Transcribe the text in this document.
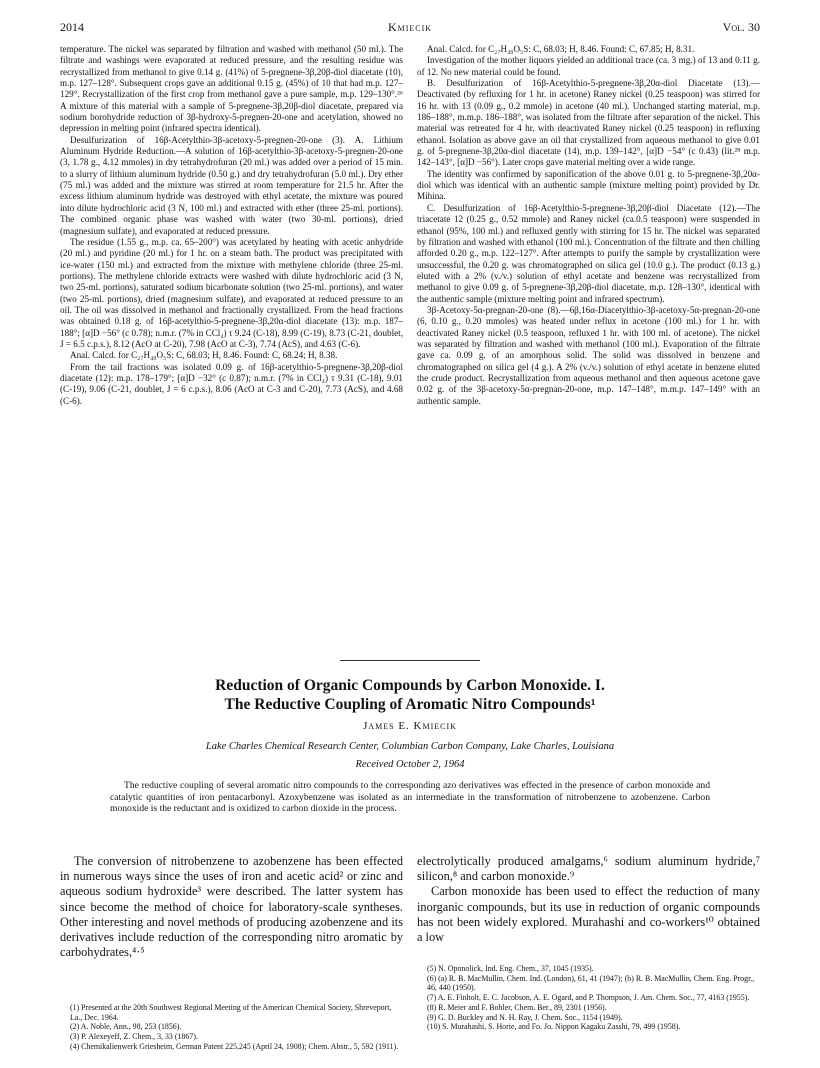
2014	Kmiecik	Vol. 30

temperature. The nickel was separated by filtration and washed with methanol (50 ml.). The filtrate and washings were evaporated at reduced pressure, and the resulting residue was recrystallized from methanol to give 0.14 g. (41%) of 5-pregnene-3β,20β-diol diacetate (10), m.p. 127–128°. Subsequent crops gave an additional 0.15 g. (45%) of 10 that had m.p. 127–129°. Recrystallization of the first crop from methanol gave a pure sample, m.p. 129–130°.²⁶ A mixture of this material with a sample of 5-pregnene-3β,20β-diol diacetate, prepared via sodium borohydride reduction of 3β-hydroxy-5-pregnen-20-one and acetylation, showed no depression in melting point (infrared spectra identical).

Desulfurization of 16β-Acetylthio-3β-acetoxy-5-pregnen-20-one (3). A. Lithium Aluminum Hydride Reduction.—A solution of 16β-acetylthio-3β-acetoxy-5-pregnen-20-one (3, 1.78 g., 4.12 mmoles) in dry tetrahydrofuran (20 ml.) was added over a period of 15 min. to a slurry of lithium aluminum hydride (0.50 g.) and dry tetrahydrofuran (5.0 ml.). Dry ether (75 ml.) was added and the mixture was stirred at room temperature for 21.5 hr. After the excess lithium aluminum hydride was destroyed with ethyl acetate, the mixture was poured into dilute hydrochloric acid (3 N, 100 ml.) and extracted with ether (three 25-ml. portions). The combined organic phase was washed with water (two 30-ml. portions), dried (magnesium sulfate), and evaporated at reduced pressure.

The residue (1.55 g., m.p. ca. 65–200°) was acetylated by heating with acetic anhydride (20 ml.) and pyridine (20 ml.) for 1 hr. on a steam bath. The product was precipitated with ice-water (150 ml.) and extracted from the mixture with methylene chloride (three 25-ml. portions). The methylene chloride extracts were washed with dilute hydrochloric acid (3 N, two 25-ml. portions), saturated sodium bicarbonate solution (two 25-ml. portions), and water (two 25-ml. portions), dried (magnesium sulfate), and evaporated at reduced pressure to an oil. The oil was dissolved in methanol and fractionally crystallized. From the head fractions was obtained 0.18 g. of 16β-acetylthio-5-pregnene-3β,20α-diol diacetate (13): m.p. 187–188°; [α]D −56° (c 0.78); n.m.r. (7% in CCl₄) τ 9.24 (C-18), 8.99 (C-19), 8.73 (C-21, doublet, J = 6.5 c.p.s.), 8.12 (AcO at C-20), 7.98 (AcO at C-3), 7.74 (AcS), and 4.63 (C-6).

Anal. Calcd. for C₂₇H₄₀O₅S: C, 68.03; H, 8.46. Found: C, 68.24; H, 8.38.

From the tail fractions was isolated 0.09 g. of 16β-acetylthio-5-pregnene-3β,20β-diol diacetate (12): m.p. 178–179°; [α]D −32° (c 0.87); n.m.r. (7% in CCl₄) τ 9.31 (C-18), 9.01 (C-19), 9.06 (C-21, doublet, J = 6 c.p.s.), 8.06 (AcO at C-3 and C-20), 7.73 (AcS), and 4.68 (C-6).

Anal. Calcd. for C₂₇H₄₀O₅S: C, 68.03; H, 8.46. Found: C, 67.85; H, 8.31.

Investigation of the mother liquors yielded an additional trace (ca. 3 mg.) of 13 and 0.11 g. of 12. No new material could be found.

B. Desulfurization of 16β-Acetylthio-5-pregnene-3β,20α-diol Diacetate (13).—Deactivated (by refluxing for 1 hr. in acetone) Raney nickel (0.25 teaspoon) was stirred for 16 hr. with 13 (0.09 g., 0.2 mmole) in acetone (40 ml.). Unchanged starting material, m.p. 186–188°, m.m.p. 186–188°, was isolated from the filtrate after separation of the nickel. This material was retreated for 4 hr. with deactivated Raney nickel (0.25 teaspoon) in refluxing ethanol. Isolation as above gave an oil that crystallized from aqueous methanol to give 0.01 g. of 5-pregnene-3β,20α-diol diacetate (14), m.p. 139–142°, [α]D −54° (c 0.43) (lit.²⁸ m.p. 142–143°, [α]D −56°). Later crops gave material melting over a wide range.

The identity was confirmed by saponification of the above 0.01 g. to 5-pregnene-3β,20α-diol which was identical with an authentic sample (mixture melting point) provided by Dr. Mihina.

C. Desulfurization of 16β-Acetylthio-5-pregnene-3β,20β-diol Diacetate (12).—The triacetate 12 (0.25 g., 0.52 mmole) and Raney nickel (ca.0.5 teaspoon) were suspended in ethanol (95%, 100 ml.) and refluxed gently with stirring for 15 hr. The nickel was separated by filtration and washed with ethanol (100 ml.). Concentration of the filtrate and then chilling afforded 0.20 g., m.p. 122–127°. After attempts to purify the sample by crystallization were unsuccessful, the 0.20 g. was chromatographed on silica gel (10.0 g.). The product (0.13 g.) eluted with a 2% (v./v.) solution of ethyl acetate and benzene was recrystallized from methanol to give 0.09 g. of 5-pregnene-3β,20β-diol diacetate, m.p. 128–130°, identical with the authentic sample (mixture melting point and infrared spectrum).

3β-Acetoxy-5α-pregnan-20-one (8).—6β,16α-Diacetylthio-3β-acetoxy-5α-pregnan-20-one (6, 0.10 g., 0.20 mmoles) was heated under reflux in acetone (100 ml.) for 1 hr. with deactivated Raney nickel (0.5 teaspoon, refluxed 1 hr. with 100 ml. of acetone). The nickel was separated by filtration and washed with methanol (100 ml.). Evaporation of the filtrate gave ca. 0.09 g. of an amorphous solid. The solid was dissolved in benzene and chromatographed on silica gel (4 g.). A 2% (v./v.) solution of ethyl acetate in benzene eluted the crude product. Recrystallization from aqueous methanol and then aqueous acetone gave 0.02 g. of the 3β-acetoxy-5α-pregnan-20-one, m.p. 147–148°, m.m.p. 147–149° with an authentic sample.

Reduction of Organic Compounds by Carbon Monoxide. I.
The Reductive Coupling of Aromatic Nitro Compounds¹
James E. Kmiecik
Lake Charles Chemical Research Center, Columbian Carbon Company, Lake Charles, Louisiana
Received October 2, 1964
The reductive coupling of several aromatic nitro compounds to the corresponding azo derivatives was effected in the presence of carbon monoxide and catalytic quantities of iron pentacarbonyl. Azoxybenzene was isolated as an intermediate in the transformation of nitrobenzene to azobenzene. Carbon monoxide is the reductant and is oxidized to carbon dioxide in the process.

The conversion of nitrobenzene to azobenzene has been effected in numerous ways since the uses of iron and acetic acid² or zinc and aqueous sodium hydroxide³ were described. The latter system has since become the method of choice for laboratory-scale syntheses. Other interesting and novel methods of producing azobenzene and its derivatives include reduction of the corresponding nitro aromatic by carbohydrates,⁴·⁵

electrolytically produced amalgams,⁶ sodium aluminum hydride,⁷ silicon,⁸ and carbon monoxide.⁹

Carbon monoxide has been used to effect the reduction of many inorganic compounds, but its use in reduction of organic compounds has not been widely explored. Murahashi and co-workers¹⁰ obtained a low

(1) Presented at the 20th Southwest Regional Meeting of the American Chemical Society, Shreveport, La., Dec. 1964.
(2) A. Noble, Ann., 98, 253 (1856).
(3) P. Alexeyeff, Z. Chem., 3, 33 (1867).
(4) Chemikalienwerk Griesheim, German Patent 225,245 (April 24, 1908); Chem. Abstr., 5, 592 (1911).
(5) N. Oponolick, Ind. Eng. Chem., 37, 1045 (1935).
(6) (a) R. B. MacMullin, Chem. Ind. (London), 61, 41 (1947); (b) R. B. MacMullin, Chem. Eng. Progr., 46, 440 (1950).
(7) A. E. Finholt, E. C. Jacobson, A. E. Ogard, and P. Thompson, J. Am. Chem. Soc., 77, 4163 (1955).
(8) R. Meier and F. Bohler, Chem. Ber., 89, 2301 (1956).
(9) G. D. Buckley and N. H. Ray, J. Chem. Soc., 1154 (1949).
(10) S. Murahashi, S. Horie, and Fo. Jo. Nippon Kagaku Zasshi, 79, 499 (1958).
